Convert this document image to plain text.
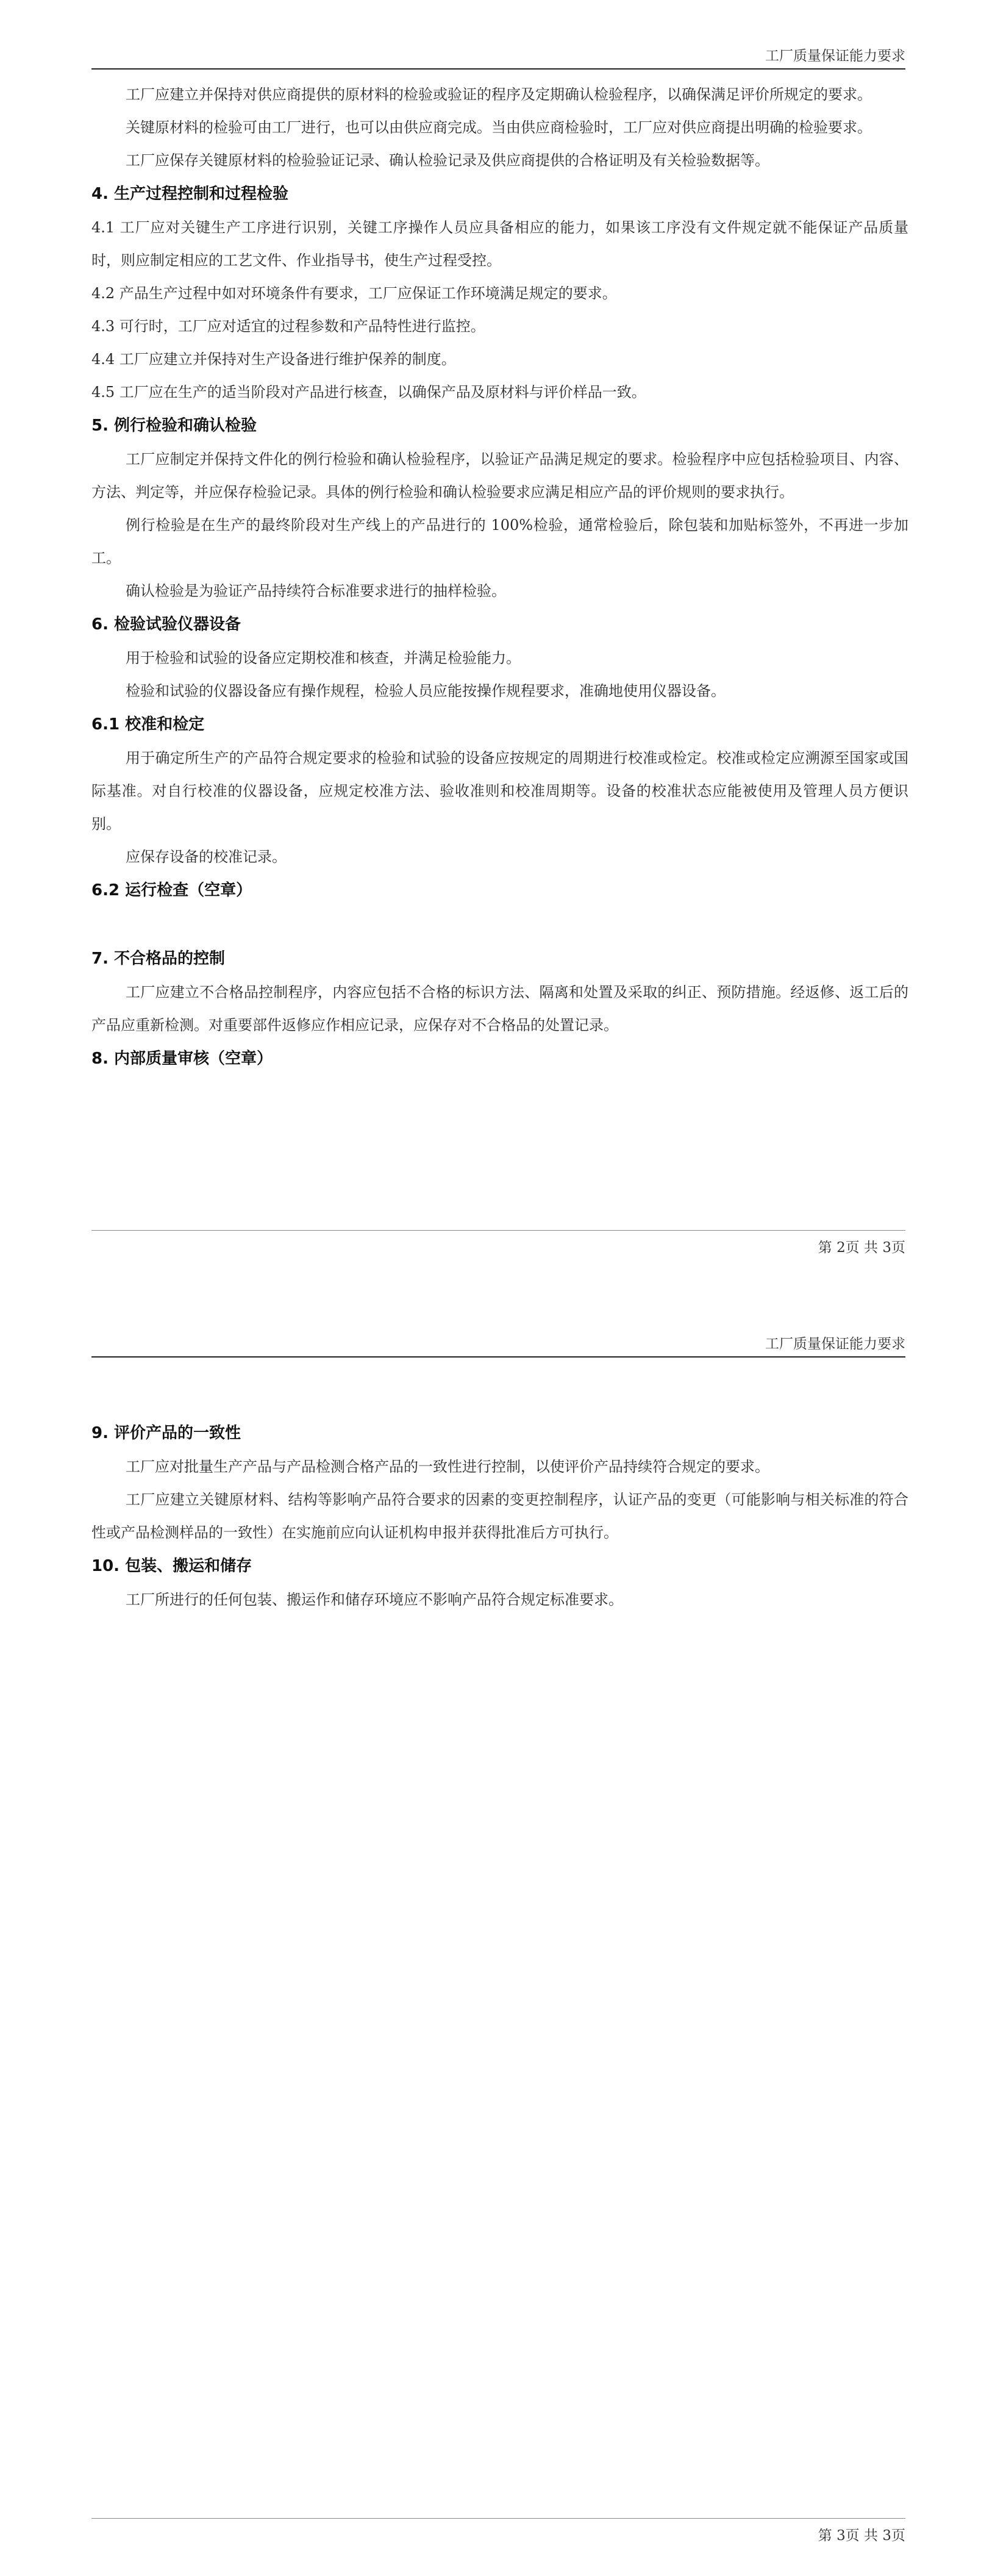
工厂质量保证能力要求

工厂应建立并保持对供应商提供的原材料的检验或验证的程序及定期确认检验程序，以确保满足评价所规定的要求。

关键原材料的检验可由工厂进行，也可以由供应商完成。当由供应商检验时，工厂应对供应商提出明确的检验要求。

工厂应保存关键原材料的检验验证记录、确认检验记录及供应商提供的合格证明及有关检验数据等。

4. 生产过程控制和过程检验

4.1 工厂应对关键生产工序进行识别，关键工序操作人员应具备相应的能力，如果该工序没有文件规定就不能保证产品质量时，则应制定相应的工艺文件、作业指导书，使生产过程受控。

4.2 产品生产过程中如对环境条件有要求，工厂应保证工作环境满足规定的要求。

4.3 可行时，工厂应对适宜的过程参数和产品特性进行监控。

4.4 工厂应建立并保持对生产设备进行维护保养的制度。

4.5 工厂应在生产的适当阶段对产品进行核查，以确保产品及原材料与评价样品一致。

5. 例行检验和确认检验

工厂应制定并保持文件化的例行检验和确认检验程序，以验证产品满足规定的要求。检验程序中应包括检验项目、内容、方法、判定等，并应保存检验记录。具体的例行检验和确认检验要求应满足相应产品的评价规则的要求执行。

例行检验是在生产的最终阶段对生产线上的产品进行的 100%检验，通常检验后，除包装和加贴标签外，不再进一步加工。

确认检验是为验证产品持续符合标准要求进行的抽样检验。

6. 检验试验仪器设备

用于检验和试验的设备应定期校准和核查，并满足检验能力。

检验和试验的仪器设备应有操作规程，检验人员应能按操作规程要求，准确地使用仪器设备。

6.1 校准和检定

用于确定所生产的产品符合规定要求的检验和试验的设备应按规定的周期进行校准或检定。校准或检定应溯源至国家或国际基准。对自行校准的仪器设备，应规定校准方法、验收准则和校准周期等。设备的校准状态应能被使用及管理人员方便识别。

应保存设备的校准记录。

6.2 运行检查（空章）

7. 不合格品的控制

工厂应建立不合格品控制程序，内容应包括不合格的标识方法、隔离和处置及采取的纠正、预防措施。经返修、返工后的产品应重新检测。对重要部件返修应作相应记录，应保存对不合格品的处置记录。

8. 内部质量审核（空章）

第 2页 共 3页
工厂质量保证能力要求

9. 评价产品的一致性

工厂应对批量生产产品与产品检测合格产品的一致性进行控制，以使评价产品持续符合规定的要求。

工厂应建立关键原材料、结构等影响产品符合要求的因素的变更控制程序，认证产品的变更（可能影响与相关标准的符合性或产品检测样品的一致性）在实施前应向认证机构申报并获得批准后方可执行。

10. 包装、搬运和储存

工厂所进行的任何包装、搬运作和储存环境应不影响产品符合规定标准要求。

第 3页 共 3页
